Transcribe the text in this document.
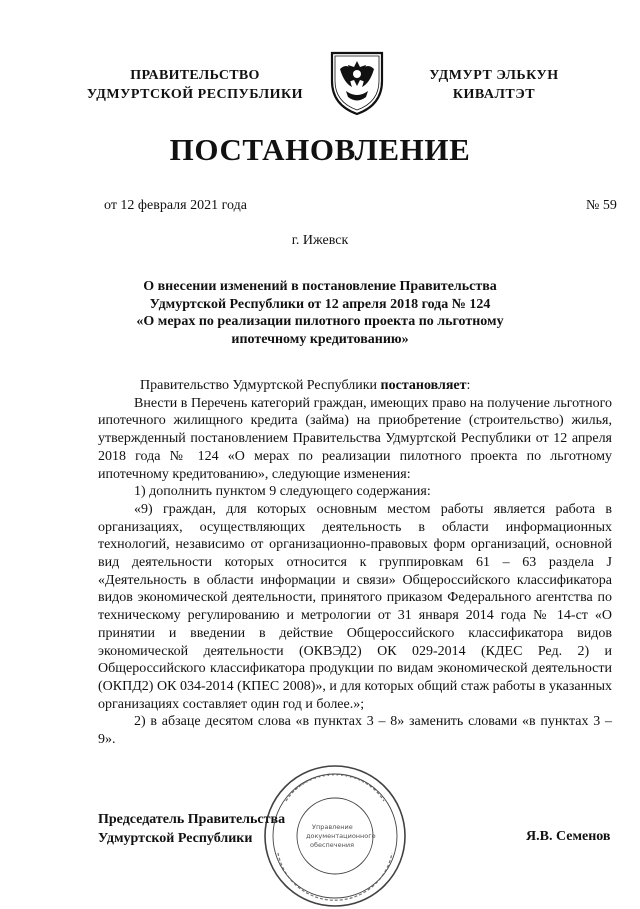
ПРАВИТЕЛЬСТВО
УДМУРТСКОЙ РЕСПУБЛИКИ
УДМУРТ ЭЛЬКУН
КИВАЛТЭТ
ПОСТАНОВЛЕНИЕ
от 12 февраля 2021 года	№ 59
г. Ижевск
О внесении изменений в постановление Правительства
Удмуртской Республики от 12 апреля 2018 года № 124
«О мерах по реализации пилотного проекта по льготному
ипотечному кредитованию»

Правительство Удмуртской Республики постановляет:

Внести в Перечень категорий граждан, имеющих право на получение льготного ипотечного жилищного кредита (займа) на приобретение (строительство) жилья, утвержденный постановлением Правительства Удмуртской Республики от 12 апреля 2018 года № 124 «О мерах по реализации пилотного проекта по льготному ипотечному кредитованию», следующие изменения:

1) дополнить пунктом 9 следующего содержания:

«9) граждан, для которых основным местом работы является работа в организациях, осуществляющих деятельность в области информационных технологий, независимо от организационно-правовых форм организаций, основной вид деятельности которых относится к группировкам 61 – 63 раздела J «Деятельность в области информации и связи» Общероссийского классификатора видов экономической деятельности, принятого приказом Федерального агентства по техническому регулированию и метрологии от 31 января 2014 года № 14-ст «О принятии и введении в действие Общероссийского классификатора видов экономической деятельности (ОКВЭД2) ОК 029-2014 (КДЕС Ред. 2) и Общероссийского классификатора продукции по видам экономической деятельности (ОКПД2) ОК 034-2014 (КПЕС 2008)», и для которых общий стаж работы в указанных организациях составляет один год и более.»;

2) в абзаце десятом слова «в пунктах 3 – 8» заменить словами «в пунктах 3 – 9».

Председатель Правительства
Удмуртской Республики
Управление
документационного
обеспечения
Я.В. Семенов
